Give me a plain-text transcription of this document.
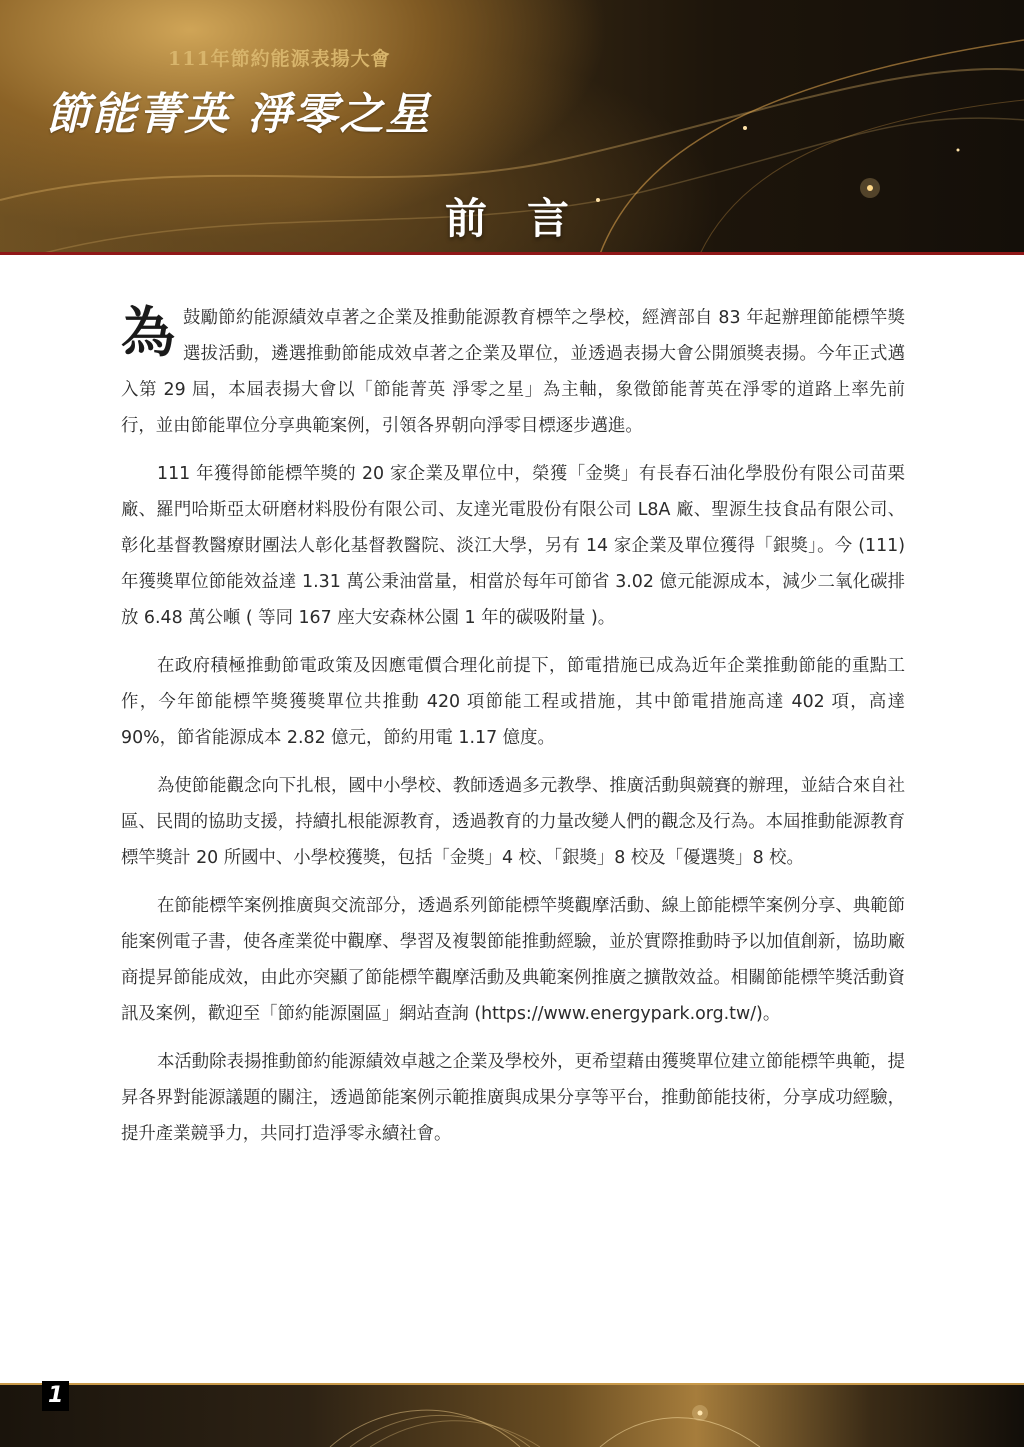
111年節約能源表揚大會
節能菁英 淨零之星
前言

為 鼓勵節約能源績效卓著之企業及推動能源教育標竿之學校，經濟部自 83 年起辦理節能標竿獎選拔活動，遴選推動節能成效卓著之企業及單位，並透過表揚大會公開頒獎表揚。今年正式邁入第 29 屆，本屆表揚大會以「節能菁英 淨零之星」為主軸，象徵節能菁英在淨零的道路上率先前行，並由節能單位分享典範案例，引領各界朝向淨零目標逐步邁進。

111 年獲得節能標竿獎的 20 家企業及單位中，榮獲「金獎」有長春石油化學股份有限公司苗栗廠、羅門哈斯亞太研磨材料股份有限公司、友達光電股份有限公司 L8A 廠、聖源生技食品有限公司、彰化基督教醫療財團法人彰化基督教醫院、淡江大學，另有 14 家企業及單位獲得「銀獎」。今 (111) 年獲獎單位節能效益達 1.31 萬公秉油當量，相當於每年可節省 3.02 億元能源成本，減少二氧化碳排放 6.48 萬公噸 ( 等同 167 座大安森林公園 1 年的碳吸附量 )。

在政府積極推動節電政策及因應電價合理化前提下，節電措施已成為近年企業推動節能的重點工作，今年節能標竿獎獲獎單位共推動 420 項節能工程或措施，其中節電措施高達 402 項，高達 90%，節省能源成本 2.82 億元，節約用電 1.17 億度。

為使節能觀念向下扎根，國中小學校、教師透過多元教學、推廣活動與競賽的辦理，並結合來自社區、民間的協助支援，持續扎根能源教育，透過教育的力量改變人們的觀念及行為。本屆推動能源教育標竿獎計 20 所國中、小學校獲獎，包括「金獎」4 校、「銀獎」8 校及「優選獎」8 校。

在節能標竿案例推廣與交流部分，透過系列節能標竿獎觀摩活動、線上節能標竿案例分享、典範節能案例電子書，使各產業從中觀摩、學習及複製節能推動經驗，並於實際推動時予以加值創新，協助廠商提昇節能成效，由此亦突顯了節能標竿觀摩活動及典範案例推廣之擴散效益。相關節能標竿獎活動資訊及案例，歡迎至「節約能源園區」網站查詢 (https://www.energypark.org.tw/)。

本活動除表揚推動節約能源績效卓越之企業及學校外，更希望藉由獲獎單位建立節能標竿典範，提昇各界對能源議題的關注，透過節能案例示範推廣與成果分享等平台，推動節能技術，分享成功經驗，提升產業競爭力，共同打造淨零永續社會。

1
